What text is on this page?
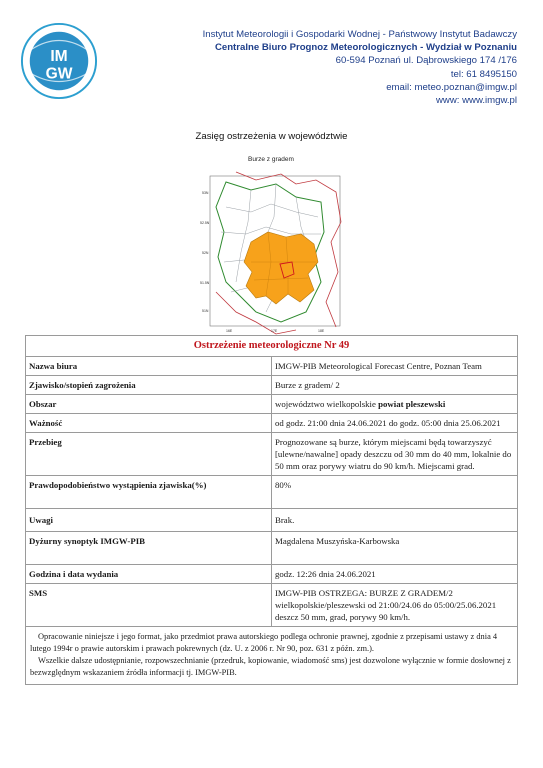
IM
GW
Instytut Meteorologii i Gospodarki Wodnej - Państwowy Instytut Badawczy
Centralne Biuro Prognoz Meteorologicznych - Wydział w Poznaniu
60-594 Poznań ul. Dąbrowskiego 174 /176
tel: 61 8495150
email: meteo.poznan@imgw.pl
www: www.imgw.pl
Zasięg ostrzeżenia w województwie
53N
52.5N
52N
51.5N
51N
16E	17E	18E
Burze z gradem
Ostrzeżenie meteorologiczne Nr 49	
Nazwa biura	IMGW-PIB Meteorological Forecast Centre, Poznan Team
Zjawisko/stopień zagrożenia	Burze z gradem/ 2
Obszar	województwo wielkopolskie powiat pleszewski
Ważność	od godz. 21:00 dnia 24.06.2021 do godz. 05:00 dnia 25.06.2021
Przebieg	Prognozowane są burze, którym miejscami będą towarzyszyć [ulewne/nawalne] opady deszczu od 30 mm do 40 mm, lokalnie do 50 mm oraz porywy wiatru do 90 km/h. Miejscami grad.
Prawdopodobieństwo wystąpienia zjawiska(%)	80%
Uwagi	Brak.
Dyżurny synoptyk IMGW-PIB	Magdalena Muszyńska-Karbowska
Godzina i data wydania	godz. 12:26 dnia 24.06.2021
SMS	IMGW-PIB OSTRZEGA: BURZE Z GRADEM/2 wielkopolskie/pleszewski od 21:00/24.06 do 05:00/25.06.2021 deszcz 50 mm, grad, porywy 90 km/h.

Opracowanie niniejsze i jego format, jako przedmiot prawa autorskiego podlega ochronie prawnej, zgodnie z przepisami ustawy z dnia 4 lutego 1994r o prawie autorskim i prawach pokrewnych (dz. U. z 2006 r. Nr 90, poz. 631 z późn. zm.).

Wszelkie dalsze udostępnianie, rozpowszechnianie (przedruk, kopiowanie, wiadomość sms) jest dozwolone wyłącznie w formie dosłownej z bezwzględnym wskazaniem źródła informacji tj. IMGW-PIB.	
